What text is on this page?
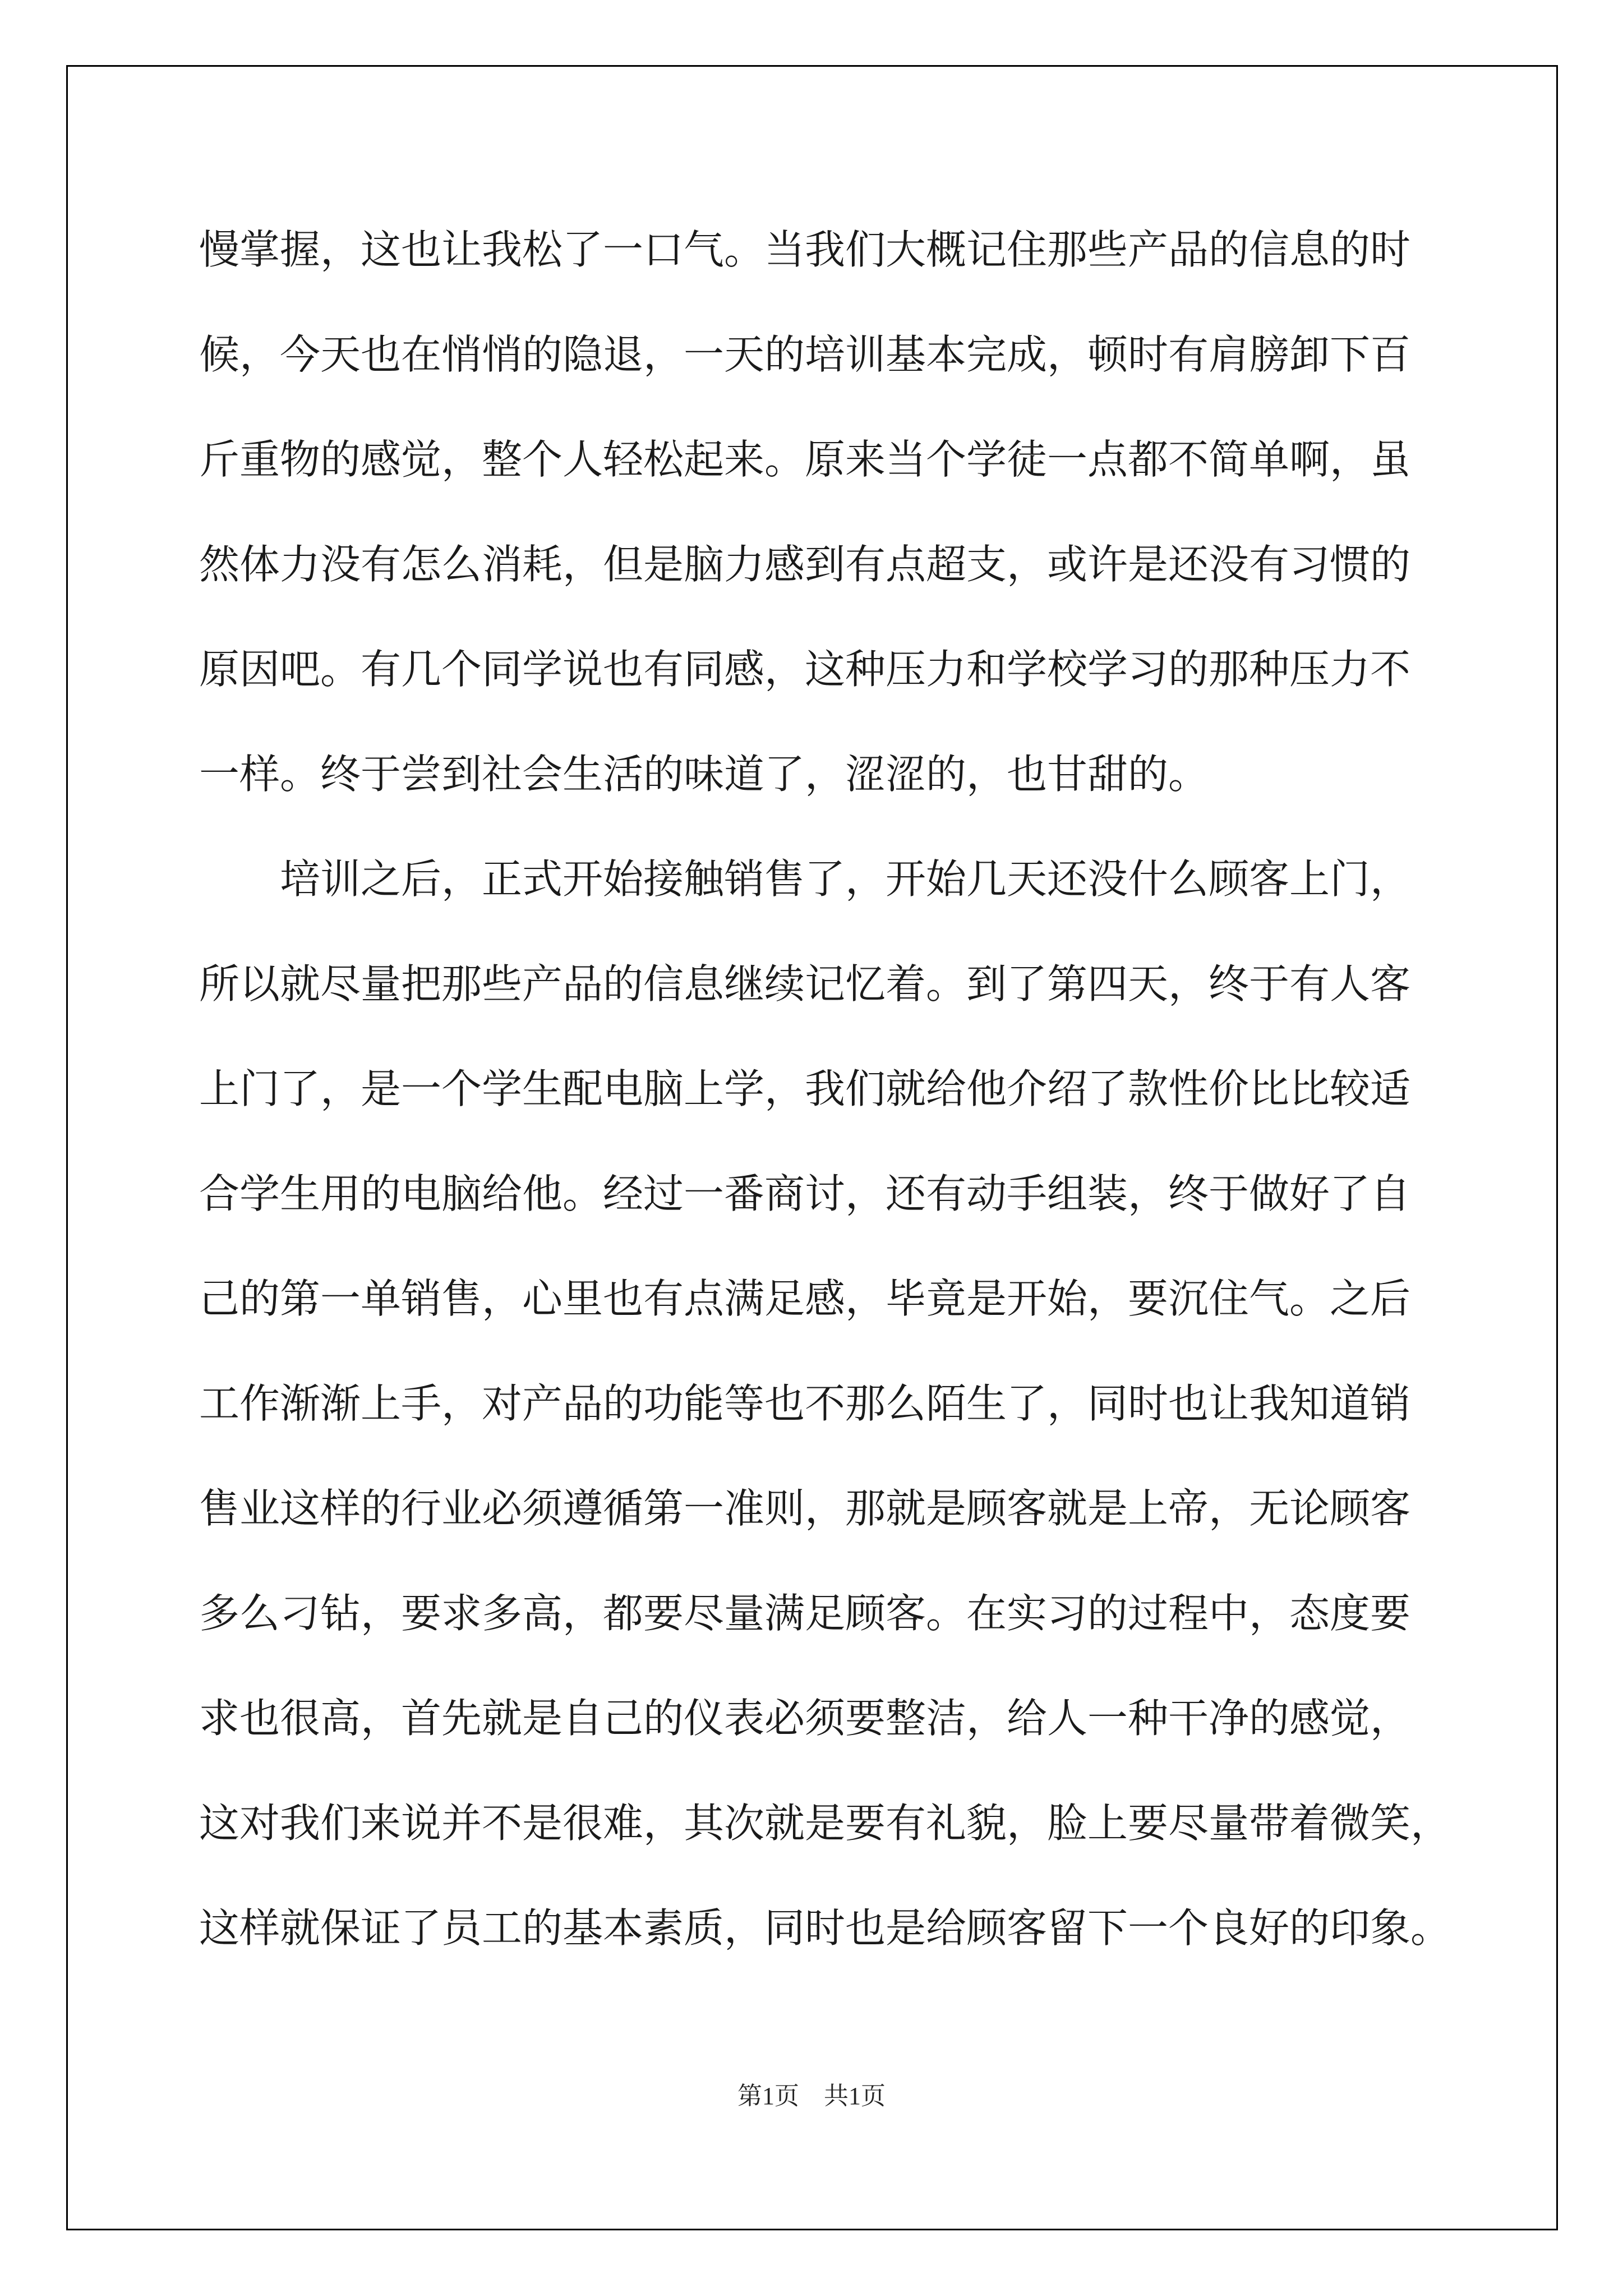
慢掌握，这也让我松了一口气。当我们大概记住那些产品的信息的时
候，今天也在悄悄的隐退，一天的培训基本完成，顿时有肩膀卸下百
斤重物的感觉，整个人轻松起来。原来当个学徒一点都不简单啊，虽
然体力没有怎么消耗，但是脑力感到有点超支，或许是还没有习惯的
原因吧。有几个同学说也有同感，这种压力和学校学习的那种压力不
一样。终于尝到社会生活的味道了，涩涩的，也甘甜的。
　　培训之后，正式开始接触销售了，开始几天还没什么顾客上门，
所以就尽量把那些产品的信息继续记忆着。到了第四天，终于有人客
上门了，是一个学生配电脑上学，我们就给他介绍了款性价比比较适
合学生用的电脑给他。经过一番商讨，还有动手组装，终于做好了自
己的第一单销售，心里也有点满足感，毕竟是开始，要沉住气。之后
工作渐渐上手，对产品的功能等也不那么陌生了，同时也让我知道销
售业这样的行业必须遵循第一准则，那就是顾客就是上帝，无论顾客
多么刁钻，要求多高，都要尽量满足顾客。在实习的过程中，态度要
求也很高，首先就是自己的仪表必须要整洁，给人一种干净的感觉，
这对我们来说并不是很难，其次就是要有礼貌，脸上要尽量带着微笑，
这样就保证了员工的基本素质，同时也是给顾客留下一个良好的印象。
第1页　共1页
